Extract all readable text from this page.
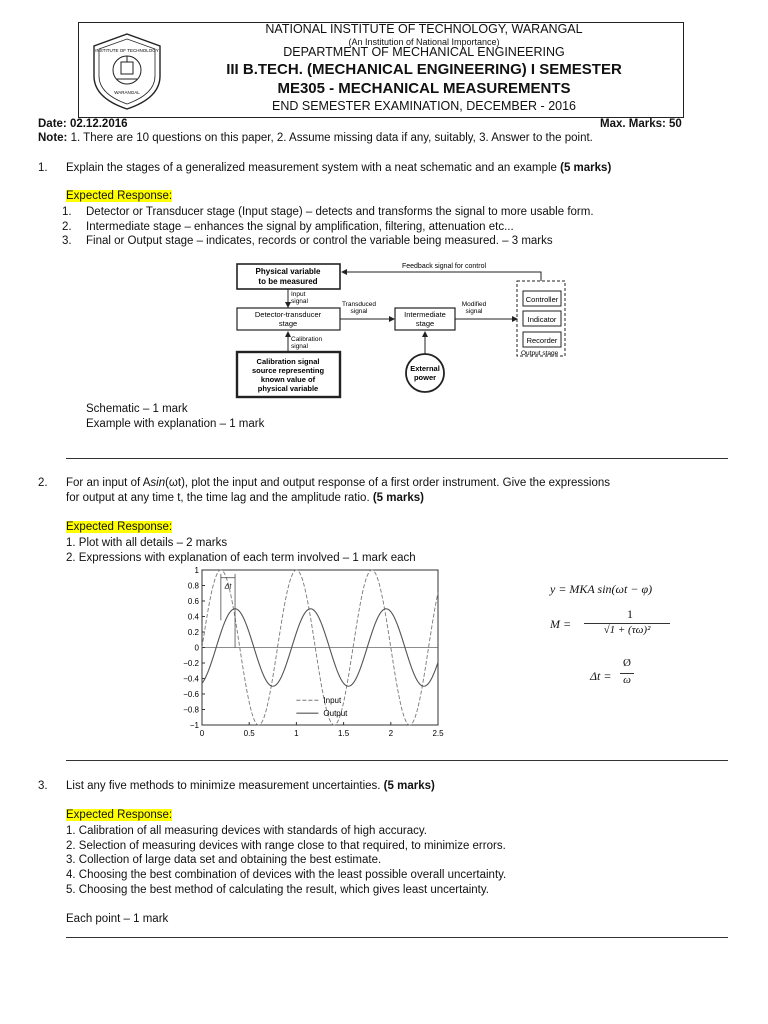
INSTITUTE OF TECHNOLOGY
WARANGAL
NATIONAL INSTITUTE OF TECHNOLOGY, WARANGAL
(An Institution of National Importance)
DEPARTMENT OF MECHANICAL ENGINEERING
III B.TECH. (MECHANICAL ENGINEERING) I SEMESTER
ME305 - MECHANICAL MEASUREMENTS
END SEMESTER EXAMINATION, DECEMBER - 2016
Date: 02.12.2016	Max. Marks: 50
Note: 1. There are 10 questions on this paper, 2. Assume missing data if any, suitably, 3. Answer to the point.
1. Explain the stages of a generalized measurement system with a neat schematic and an example (5 marks)
Expected Response:
1. Detector or Transducer stage (Input stage) – detects and transforms the signal to more usable form.
2. Intermediate stage – enhances the signal by amplification, filtering, attenuation etc...
3. Final or Output stage – indicates, records or control the variable being measured. – 3 marks
Physical variable
to be measured
Input
signal
Detector-transducer
stage
Calibration
signal
Calibration signal
source representing
known value of
physical variable
Transduced
signal	Intermediate
stage
External
power
Modified
signal
Controller
Indicator
Recorder
Output stage
Feedback signal for control
Schematic – 1 mark
Example with explanation – 1 mark
2. For an input of Asin(ωt), plot the input and output response of a first order instrument. Give the expressions
for output at any time t, the time lag and the amplitude ratio. (5 marks)
Expected Response:
1. Plot with all details – 2 marks
2. Expressions with explanation of each term involved – 1 mark each
1
0.8
0.6
0.4
0.2
0
−0.2
−0.4
−0.6
−0.8
−1
0	0.5	1	1.5	2	2.5
Δt
Input
Output
y = MKA sin(ωt − φ)
M =
1
√1 + (τω)²
Δt =
Ø
ω
3. List any five methods to minimize measurement uncertainties. (5 marks)
Expected Response:
1. Calibration of all measuring devices with standards of high accuracy.
2. Selection of measuring devices with range close to that required, to minimize errors.
3. Collection of large data set and obtaining the best estimate.
4. Choosing the best combination of devices with the least possible overall uncertainty.
5. Choosing the best method of calculating the result, which gives least uncertainty.
Each point – 1 mark
